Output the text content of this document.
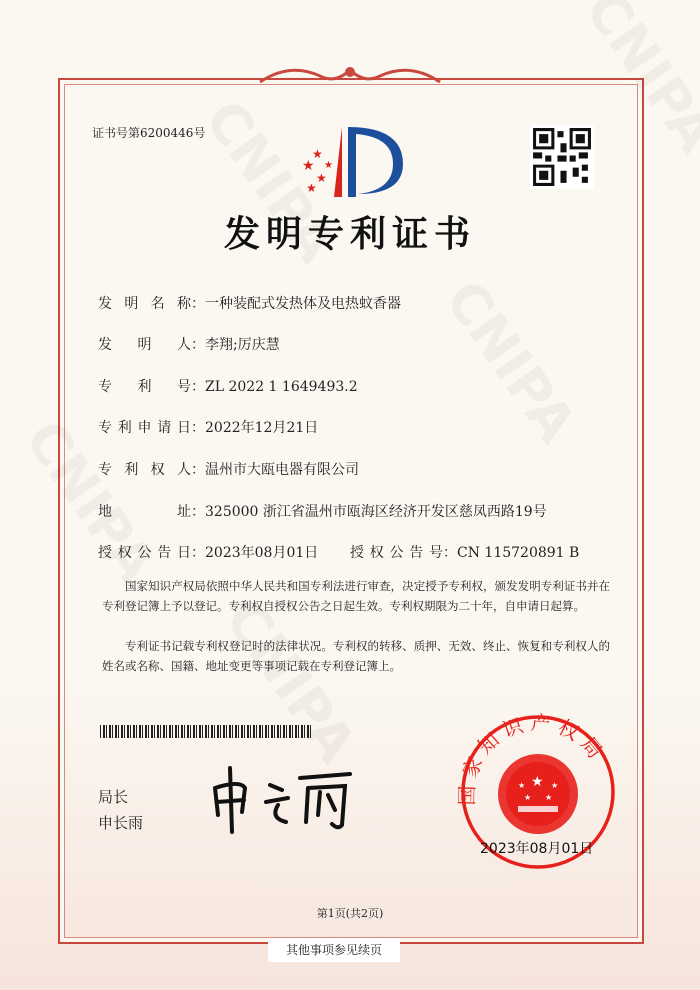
证书号第6200446号
★
★
★
★
★
发明专利证书
发明名称：一种装配式发热体及电热蚊香器
发明人：李翔;厉庆慧
专利号：ZL 2022 1 1649493.2
专利申请日：2022年12月21日
专利权人：温州市大瓯电器有限公司
地址：325000 浙江省温州市瓯海区经济开发区慈凤西路19号
授权公告日：2023年08月01日 授权公告号：CN 115720891 B
国家知识产权局依照中华人民共和国专利法进行审查，决定授予专利权，颁发发明专利证书并在专利登记簿上予以登记。专利权自授权公告之日起生效。专利权期限为二十年，自申请日起算。
专利证书记载专利权登记时的法律状况。专利权的转移、质押、无效、终止、恢复和专利权人的姓名或名称、国籍、地址变更等事项记载在专利登记簿上。
局长
申长雨
国家知识产权局
★
★	★
★ ★
2023年08月01日
第1页(共2页)
其他事项参见续页
